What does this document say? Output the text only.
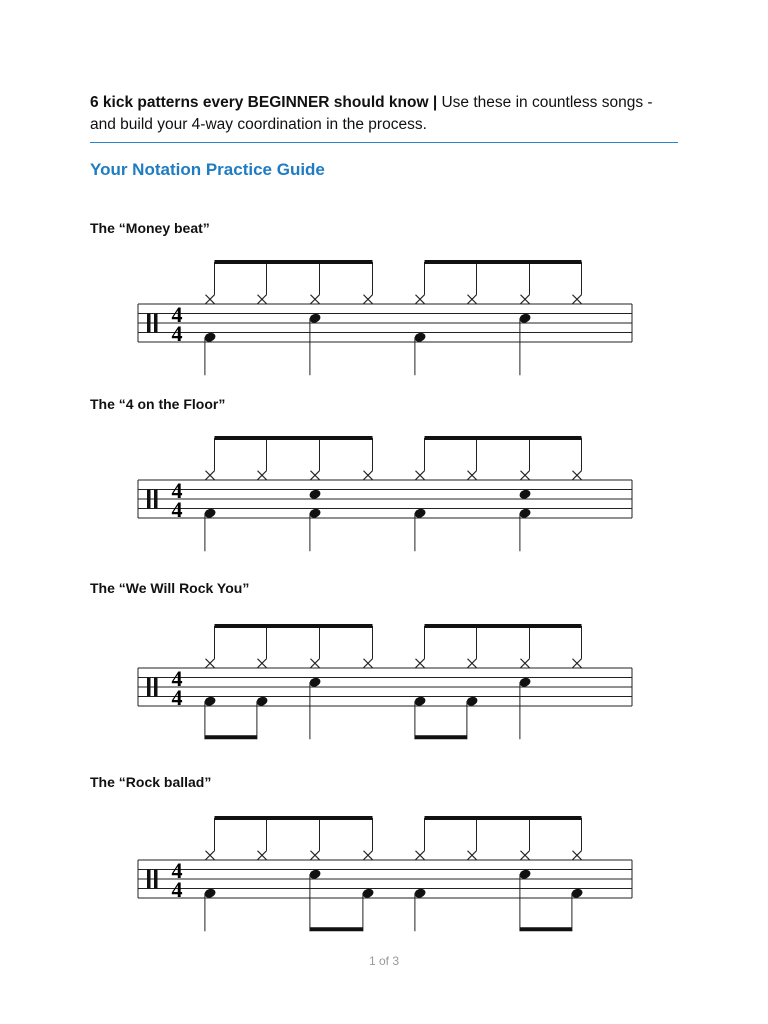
6 kick patterns every BEGINNER should know | Use these in countless songs - and build your 4-way coordination in the process.
Your Notation Practice Guide
The “Money beat”
4
4
The “4 on the Floor”
4
4
The “We Will Rock You”
4
4
The “Rock ballad”
4
4
1 of 3
